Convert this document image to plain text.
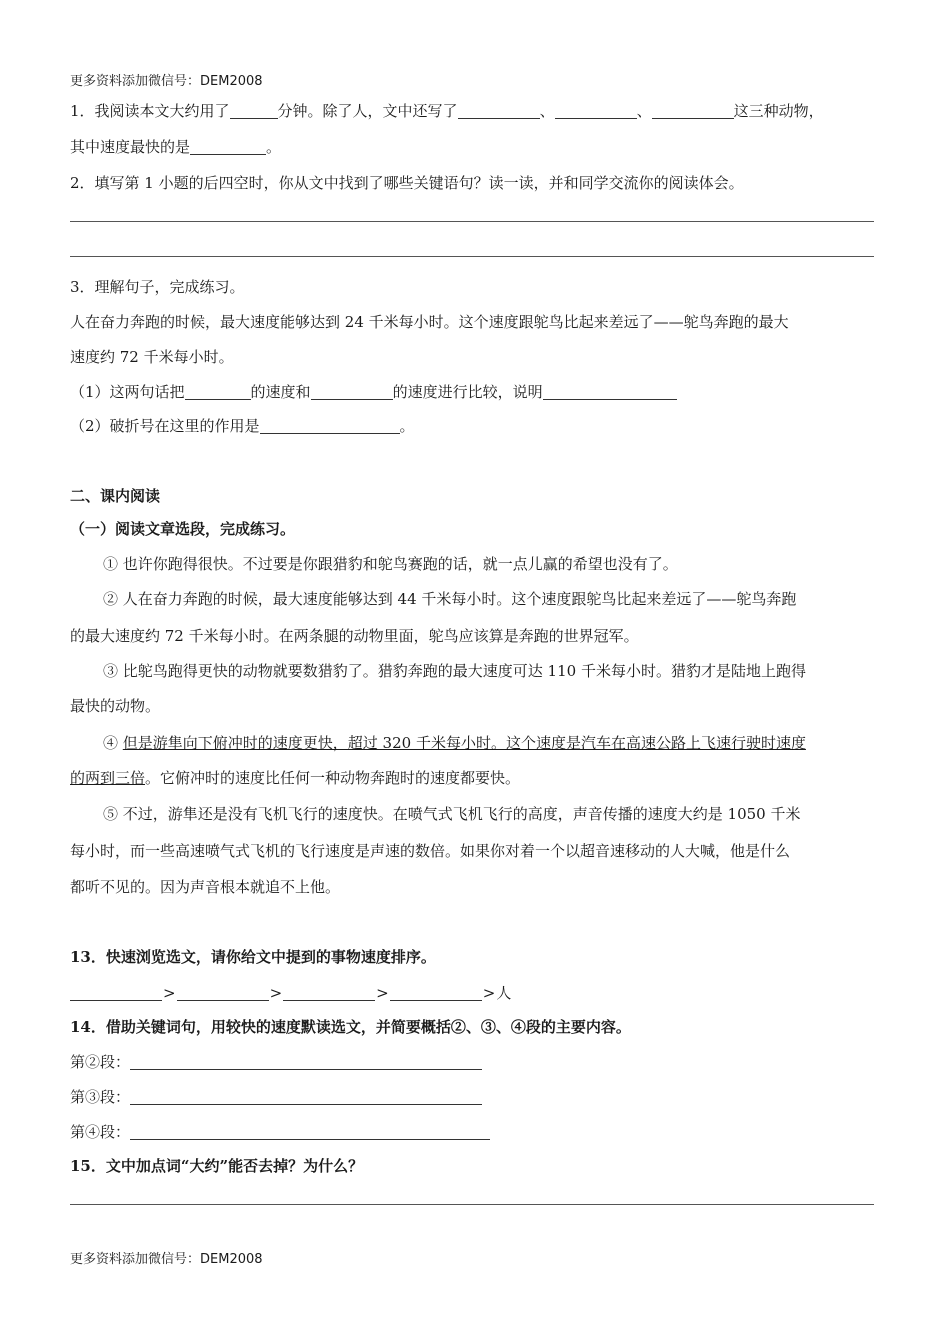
更多资料添加微信号：DEM2008
1．我阅读本文大约用了	分钟。除了人，文中还写了	、	、	这三种动物，
其中速度最快的是	。
2．填写第 1 小题的后四空时，你从文中找到了哪些关键语句？读一读，并和同学交流你的阅读体会。
3．理解句子，完成练习。
人在奋力奔跑的时候，最大速度能够达到 24 千米每小时。这个速度跟鸵鸟比起来差远了——鸵鸟奔跑的最大
速度约 72 千米每小时。
（1）这两句话把	的速度和	的速度进行比较，说明
（2）破折号在这里的作用是	。
二、课内阅读
（一）阅读文章选段，完成练习。
① 也许你跑得很快。不过要是你跟猎豹和鸵鸟赛跑的话，就一点儿赢的希望也没有了。
② 人在奋力奔跑的时候，最大速度能够达到 44 千米每小时。这个速度跟鸵鸟比起来差远了——鸵鸟奔跑
的最大速度约 72 千米每小时。在两条腿的动物里面，鸵鸟应该算是奔跑的世界冠军。
③ 比鸵鸟跑得更快的动物就要数猎豹了。猎豹奔跑的最大速度可达 110 千米每小时。猎豹才是陆地上跑得
最快的动物。
④ 但是游隼向下俯冲时的速度更快，超过 320 千米每小时。这个速度是汽车在高速公路上飞速行驶时速度
的两到三倍。它俯冲时的速度比任何一种动物奔跑时的速度都要快。
⑤ 不过，游隼还是没有飞机飞行的速度快。在喷气式飞机飞行的高度，声音传播的速度大约是 1050 千米
每小时，而一些高速喷气式飞机的飞行速度是声速的数倍。如果你对着一个以超音速移动的人大喊，他是什么
都听不见的。因为声音根本就追不上他。
13．快速浏览选文，请你给文中提到的事物速度排序。
>	>	>	>人
14．借助关键词句，用较快的速度默读选文，并简要概括②、③、④段的主要内容。
第②段：
第③段：
第④段：
15．文中加点词“大约”能否去掉？为什么？
更多资料添加微信号：DEM2008
